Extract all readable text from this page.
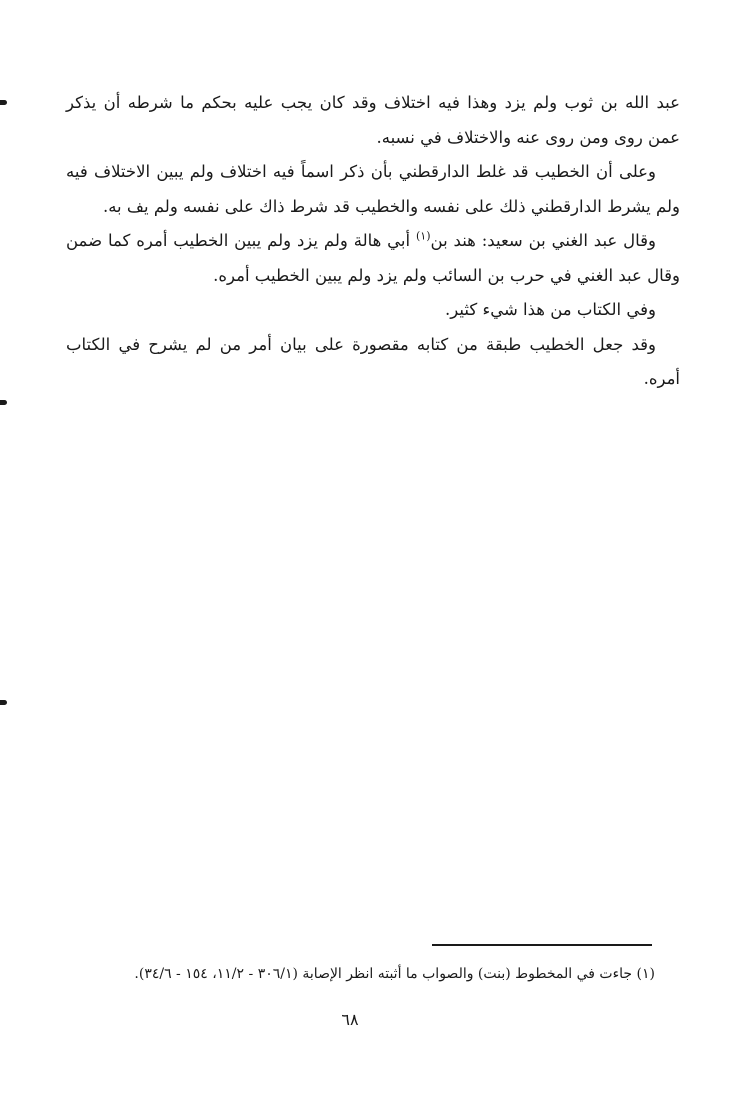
عبد الله بن ثوب ولم يزد وهذا فيه اختلاف وقد كان يجب عليه بحكم ما شرطه أن يذكر عمن روى ومن روى عنه والاختلاف في نسبه.

وعلى أن الخطيب قد غلط الدارقطني بأن ذكر اسماً فيه اختلاف ولم يبين الاختلاف فيه ولم يشرط الدارقطني ذلك على نفسه والخطيب قد شرط ذاك على نفسه ولم يف به.

وقال عبد الغني بن سعيد: هند بن$^{(١)}$ أبي هالة ولم يزد ولم يبين الخطيب أمره كما ضمن وقال عبد الغني في حرب بن السائب ولم يزد ولم يبين الخطيب أمره.

وفي الكتاب من هذا شيء كثير.

وقد جعل الخطيب طبقة من كتابه مقصورة على بيان أمر من لم يشرح في الكتاب أمره.

(١) جاءت في المخطوط (بنت) والصواب ما أثبته انظر الإصابة (٣٠٦/١ - ١١/٢، ١٥٤ - ٣٤/٦).
٦٨
